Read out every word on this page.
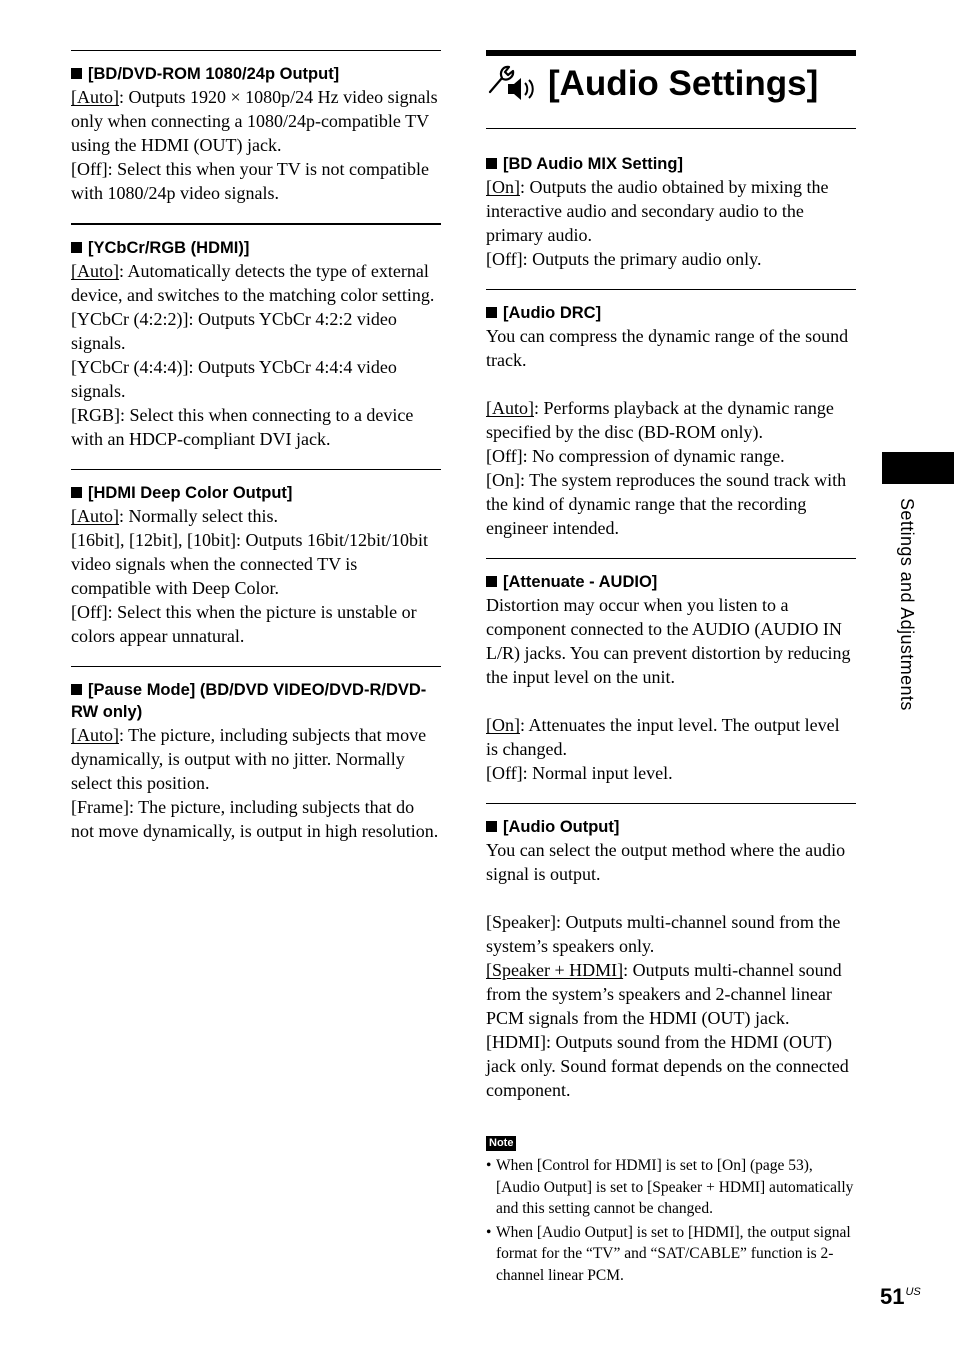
[BD/DVD-ROM 1080/24p Output]

[Auto]: Outputs 1920 × 1080p/24 Hz video signals only when connecting a 1080/24p-compatible TV using the HDMI (OUT) jack.

[Off]: Select this when your TV is not compatible with 1080/24p video signals.

[YCbCr/RGB (HDMI)]

[Auto]: Automatically detects the type of external device, and switches to the matching color setting.

[YCbCr (4:2:2)]: Outputs YCbCr 4:2:2 video signals.

[YCbCr (4:4:4)]: Outputs YCbCr 4:4:4 video signals.

[RGB]: Select this when connecting to a device with an HDCP-compliant DVI jack.

[HDMI Deep Color Output]

[Auto]: Normally select this.

[16bit], [12bit], [10bit]: Outputs 16bit/12bit/10bit video signals when the connected TV is compatible with Deep Color.

[Off]: Select this when the picture is unstable or colors appear unnatural.

[Pause Mode] (BD/DVD VIDEO/DVD-R/DVD-RW only)

[Auto]: The picture, including subjects that move dynamically, is output with no jitter. Normally select this position.

[Frame]: The picture, including subjects that do not move dynamically, is output in high resolution.

[Audio Settings]
[BD Audio MIX Setting]

[On]: Outputs the audio obtained by mixing the interactive audio and secondary audio to the primary audio.

[Off]: Outputs the primary audio only.

[Audio DRC]

You can compress the dynamic range of the sound track.

[Auto]: Performs playback at the dynamic range specified by the disc (BD-ROM only).

[Off]: No compression of dynamic range.

[On]: The system reproduces the sound track with the kind of dynamic range that the recording engineer intended.

[Attenuate - AUDIO]

Distortion may occur when you listen to a component connected to the AUDIO (AUDIO IN L/R) jacks. You can prevent distortion by reducing the input level on the unit.

[On]: Attenuates the input level. The output level is changed.

[Off]: Normal input level.

[Audio Output]

You can select the output method where the audio signal is output.

[Speaker]: Outputs multi-channel sound from the system’s speakers only.

[Speaker + HDMI]: Outputs multi-channel sound from the system’s speakers and 2-channel linear PCM signals from the HDMI (OUT) jack.

[HDMI]: Outputs sound from the HDMI (OUT) jack only. Sound format depends on the connected component.

Note
• When [Control for HDMI] is set to [On] (page 53), [Audio Output] is set to [Speaker + HDMI] automatically and this setting cannot be changed.
• When [Audio Output] is set to [HDMI], the output signal format for the “TV” and “SAT/CABLE” function is 2-channel linear PCM.
Settings and Adjustments
$51^{US}$
